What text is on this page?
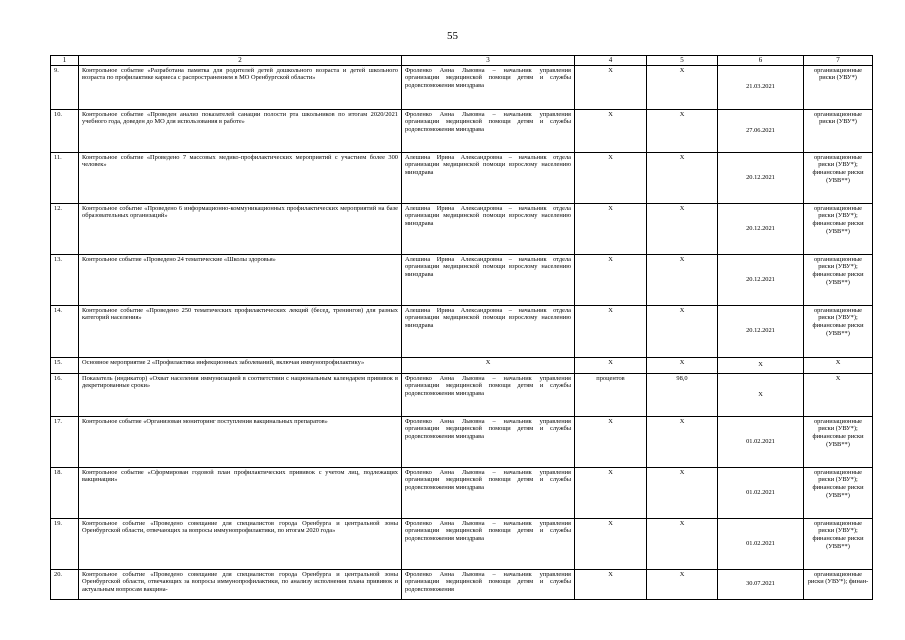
55
1	2	3	4	5	6	7
9.	Контрольное событие «Разработана памятка для родителей детей дошкольного возраста и детей школьного возраста по профилактике кариеса с распространением в МО Оренбургской области»	Фроленко Анна Львовна – начальник управления организации медицинской помощи детям и службы родовспоможения минздрава	X	X	21.03.2021	организационные риски (УВУ*)
10.	Контрольное событие «Проведен анализ показателей санации полости рта школьников по итогам 2020/2021 учебного года, доведен до МО для использования в работе»	Фроленко Анна Львовна – начальник управления организации медицинской помощи детям и службы родовспоможения минздрава	X	X	27.06.2021	организационные риски (УВУ*)
11.	Контрольное событие «Проведено 7 массовых медико-профилактических мероприятий с участием более 300 человек»	Алешина Ирина Александровна – начальник отдела организации медицинской помощи взрослому населению минздрава	X	X	20.12.2021	организационные риски (УВУ*); финансовые риски (УВВ**)
12.	Контрольное событие «Проведено 6 информационно-коммуникационных профилактических мероприятий на базе образовательных организаций»	Алешина Ирина Александровна – начальник отдела организации медицинской помощи взрослому населению минздрава	X	X	20.12.2021	организационные риски (УВУ*); финансовые риски (УВВ**)
13.	Контрольное событие «Проведено 24 тематические «Школы здоровья»	Алешина Ирина Александровна – начальник отдела организации медицинской помощи взрослому населению минздрава	X	X	20.12.2021	организационные риски (УВУ*); финансовые риски (УВВ**)
14.	Контрольное событие «Проведено 250 тематических профилактических лекций (бесед, тренингов) для разных категорий населения»	Алешина Ирина Александровна – начальник отдела организации медицинской помощи взрослому населению минздрава	X	X	20.12.2021	организационные риски (УВУ*); финансовые риски (УВВ**)
15.	Основное мероприятие 2 «Профилактика инфекционных заболеваний, включая иммунопрофилактику»	X	X	X	X	X
16.	Показатель (индикатор) «Охват населения иммунизацией в соответствии с национальным календарем прививок в декретированные сроки»	Фроленко Анна Львовна – начальник управления организации медицинской помощи детям и службы родовспоможения минздрава	процентов	98,0	X	X
17.	Контрольное событие «Организован мониторинг поступления вакцинальных препаратов»	Фроленко Анна Львовна – начальник управления организации медицинской помощи детям и службы родовспоможения минздрава	X	X	01.02.2021	организационные риски (УВУ*); финансовые риски (УВВ**)
18.	Контрольное событие «Сформирован годовой план профилактических прививок с учетом лиц, подлежащих вакцинации»	Фроленко Анна Львовна – начальник управления организации медицинской помощи детям и службы родовспоможения минздрава	X	X	01.02.2021	организационные риски (УВУ*); финансовые риски (УВВ**)
19.	Контрольное событие «Проведено совещание для специалистов города Оренбурга и центральной зоны Оренбургской области, отвечающих за вопросы иммунопрофилактики, по итогам 2020 года»	Фроленко Анна Львовна – начальник управления организации медицинской помощи детям и службы родовспоможения минздрава	X	X	01.02.2021	организационные риски (УВУ*); финансовые риски (УВВ**)
20.	Контрольное событие «Проведено совещание для специалистов города Оренбурга и центральной зоны Оренбургской области, отвечающих за вопросы иммунопрофилактики, по анализу исполнения плана прививок и актуальным вопросам вакцина-	Фроленко Анна Львовна – начальник управления организации медицинской помощи детям и службы родовспоможения	X	X	30.07.2021	организационные риски (УВУ*); финан-
